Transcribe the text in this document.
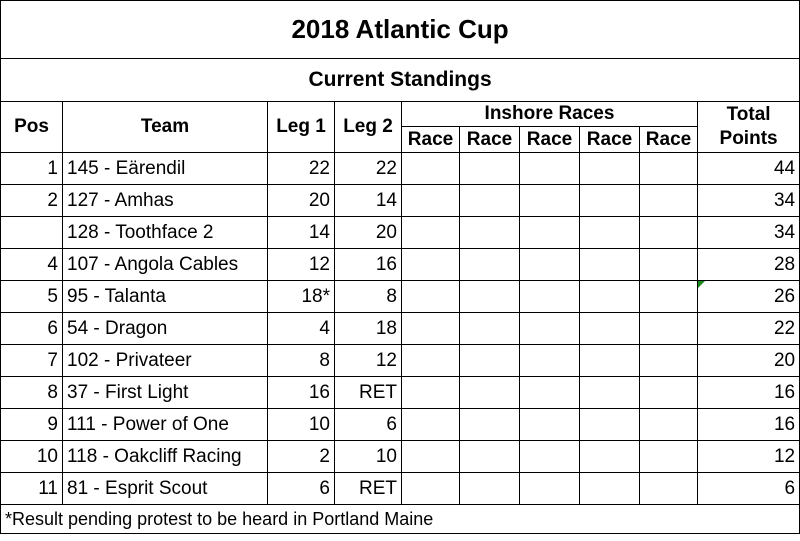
2018 Atlantic Cup									
Current Standings									
Pos	Team	Leg 1	Leg 2	Inshore Races					Total
Points

				Race	Race	Race	Race	Race	
1	145 - Eärendil	22	22						44
2	127 - Amhas	20	14						34
	128 - Toothface 2	14	20						34
4	107 - Angola Cables	12	16						28
5	95 - Talanta	18*	8						26
6	54 - Dragon	4	18						22
7	102 - Privateer	8	12						20
8	37 - First Light	16	RET						16
9	111 - Power of One	10	6						16
10	118 - Oakcliff Racing	2	10						12
11	81 - Esprit Scout	6	RET						6
*Result pending protest to be heard in Portland Maine									
